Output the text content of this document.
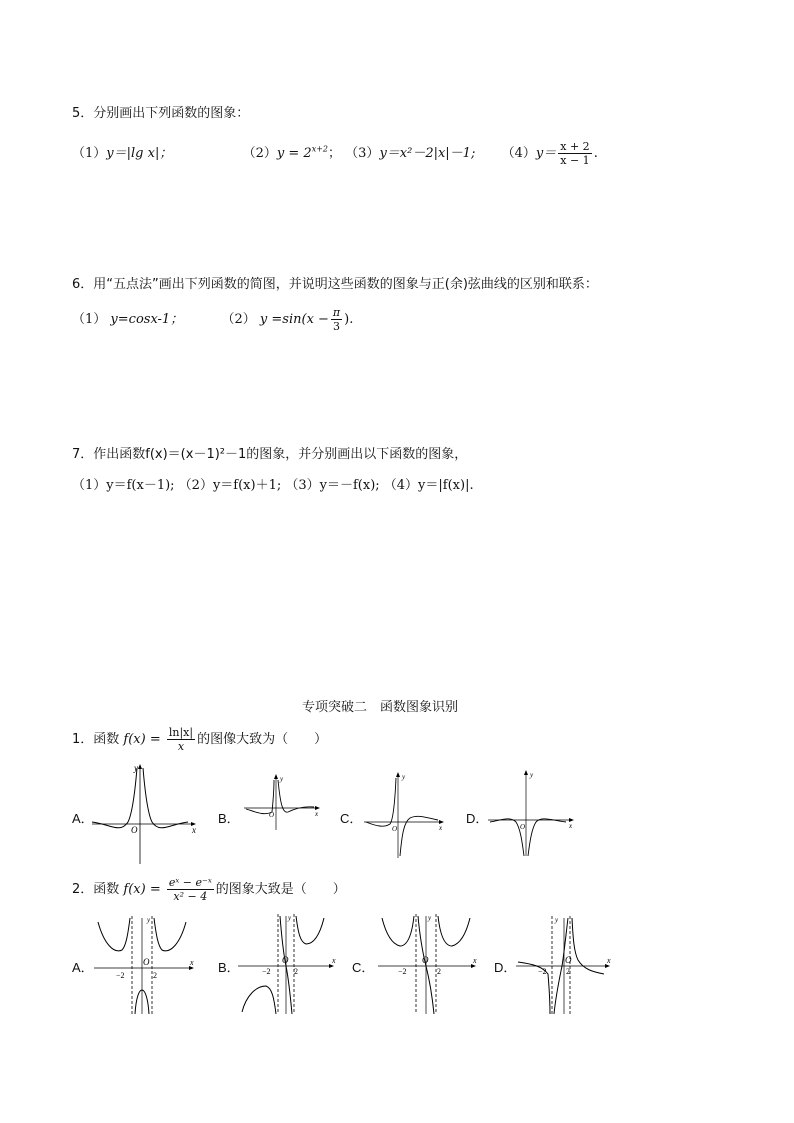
5．分别画出下列函数的图象：
（1）y＝|lg x|；	$(2)y = 2^{x+2}$； （3）y＝x²－2|x|－1; $(4)y= \frac{x + 2}{x - 1}$ .
6．用“五点法”画出下列函数的简图，并说明这些函数的图象与正(余)弦曲线的区别和联系：
（1） y=cosx-1；	（2） $y =\sin(x - \frac{\pi}{3}$ ).
7．作出函数f(x)＝(x－1)²－1的图象，并分别画出以下函数的图象，
（1）y＝f(x－1); （2）y＝f(x)＋1; （3）y＝－f(x); （4）y＝|f(x)|.
专项突破二　函数图象识别
1．函数 $f(x) = \frac{\ln|x|}{x}$ 的图像大致为（　　）
A．	B．	C．	D．
y
x
O
y
x
O
y
x
O
y
x
O
2．函数 $f(x) = \frac{\text{eˣ − e⁻ˣ}}{\text{x² − 4}}$ 的图象大致是（　　）
A．	B．	C．	D．
−2	2
O
y
x
−2	2
O
y
x
−2	2
O
y
x
−2 2
O
y
x
